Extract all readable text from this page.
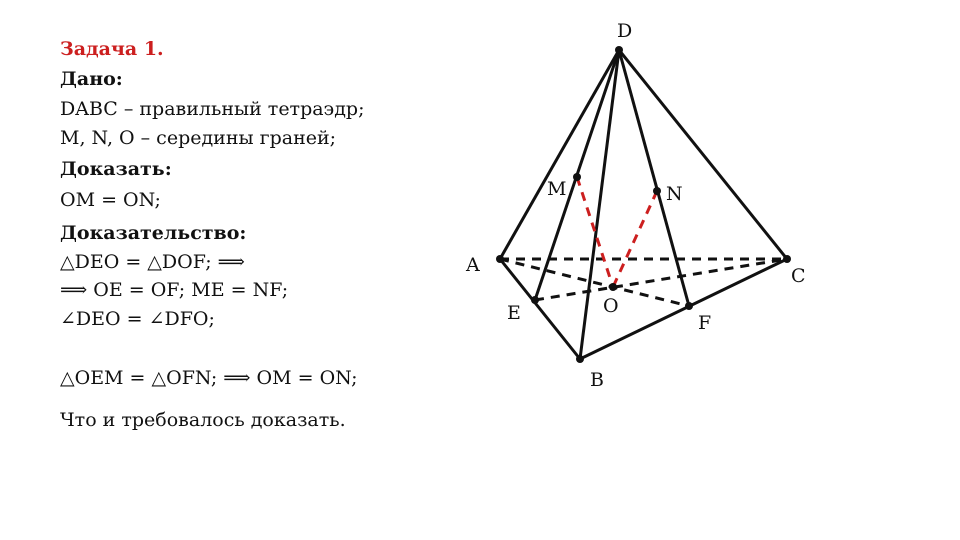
Задача 1.
Дано:
DABC – правильный тетраэдр;
M, N, O – середины граней;
Доказать:
OM = ON;
Доказательство:
△DEO = △DOF; ⟹
⟹ OE = OF; ME = NF;
∠DEO = ∠DFO;
△OEM = △OFN; ⟹ OM = ON;
Что и требовалось доказать.
D
A
B
C
E	F
O
M	N
